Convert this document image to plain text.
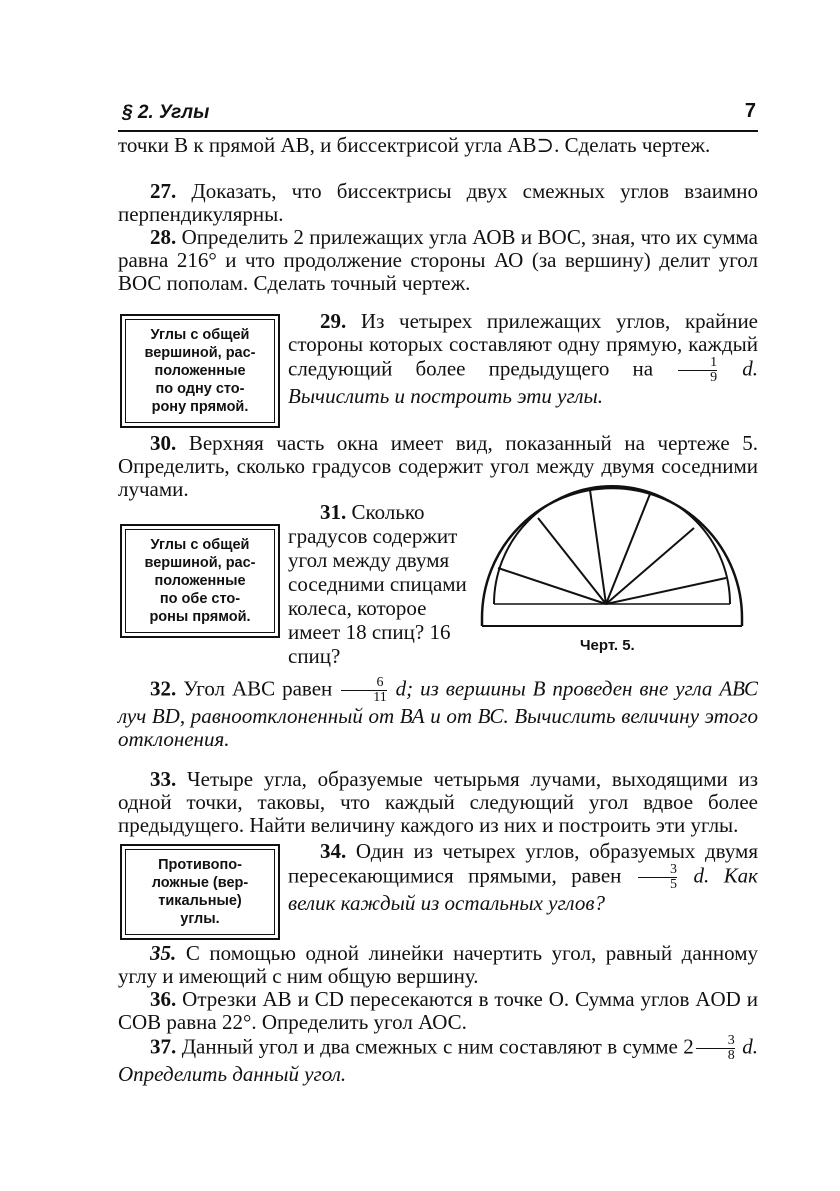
§ 2. Углы	7
точки В к прямой АВ, и биссектрисой угла АВ⊃. Сделать чертеж.
27. Доказать, что биссектрисы двух смежных углов взаимно перпендикулярны.
28. Определить 2 прилежащих угла АОВ и ВОС, зная, что их сумма равна 216° и что продолжение стороны АО (за вершину) делит угол ВОС пополам. Сделать точный чертеж.
Углы с общей
вершиной, рас-
положенные
по одну сто-
рону прямой.
29. Из четырех прилежащих углов, крайние стороны которых составляют одну прямую, каждый следующий более предыдущего на $\frac{1}{9} d$. Вычислить и построить эти углы.
30. Верхняя часть окна имеет вид, показанный на чертеже 5. Определить, сколько градусов содержит угол между двумя соседними лучами.
Углы с общей
вершиной, рас-
положенные
по обе сто-
роны прямой.
31. Сколько градусов содержит угол между двумя соседними спицами колеса, которое имеет 18 спиц? 16 спиц?	Черт. 5.
32. Угол АВС равен $\frac{6}{11} d$; из вершины В проведен вне угла АВС луч BD, равноотклоненный от ВА и от ВС. Вычислить величину этого отклонения.
33. Четыре угла, образуемые четырьмя лучами, выходящими из одной точки, таковы, что каждый следующий угол вдвое более предыдущего. Найти величину каждого из них и построить эти углы.
Противопо-
ложные (вер-
тикальные)
углы.
34. Один из четырех углов, образуемых двумя пересекающимися прямыми, равен $\frac{3}{5} d$. Как велик каждый из остальных углов?
35. С помощью одной линейки начертить угол, равный данному углу и имеющий с ним общую вершину.
36. Отрезки АВ и CD пересекаются в точке О. Сумма углов AOD и СОВ равна 22°. Определить угол АОС.
37. Данный угол и два смежных с ним составляют в сумме $2 \frac{3}{8} d$. Определить данный угол.
